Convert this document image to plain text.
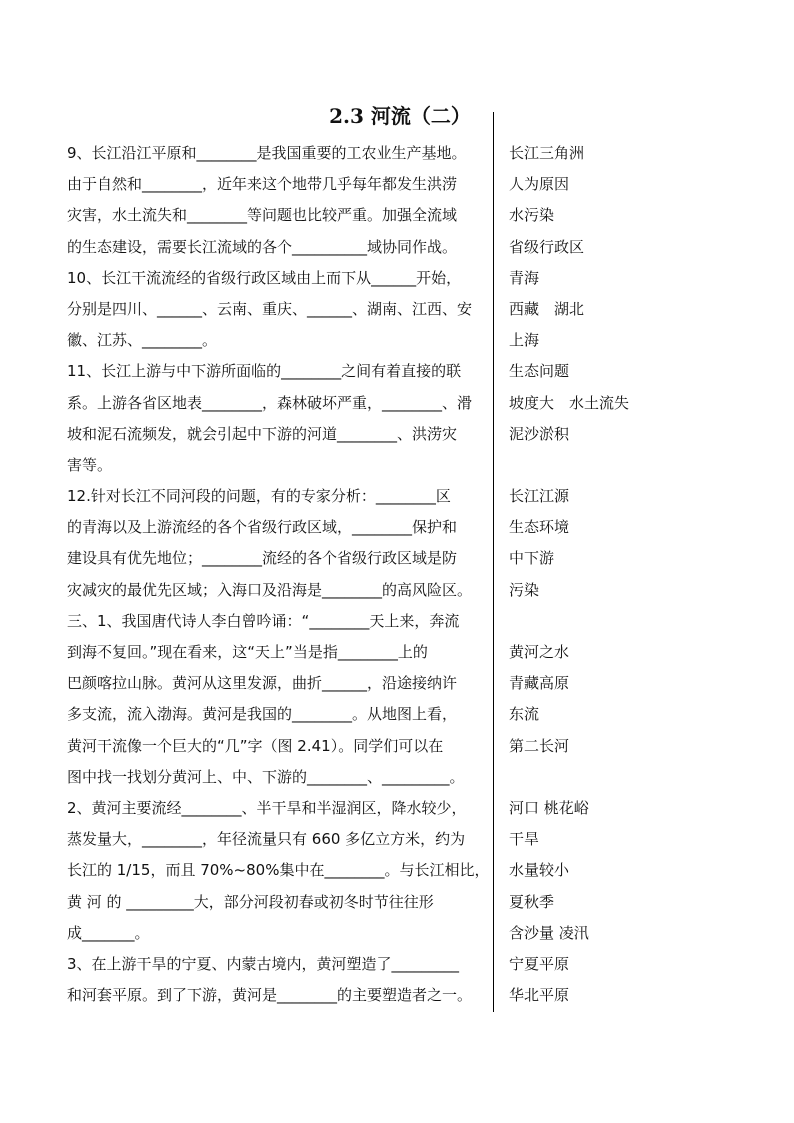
2.3 河流（二）
9、长江沿江平原和________是我国重要的工农业生产基地。	长江三角洲
由于自然和________，近年来这个地带几乎每年都发生洪涝	人为原因
灾害，水土流失和________等问题也比较严重。加强全流域	水污染
的生态建设，需要长江流域的各个__________域协同作战。	省级行政区
10、长江干流流经的省级行政区域由上而下从______开始，	青海
分别是四川、______、云南、重庆、______、湖南、江西、安	西藏　湖北
徽、江苏、________。	上海
11、长江上游与中下游所面临的________之间有着直接的联	生态问题
系。上游各省区地表________，森林破坏严重，________、滑	坡度大　水土流失
坡和泥石流频发，就会引起中下游的河道________、洪涝灾	泥沙淤积
害等。
12.针对长江不同河段的问题，有的专家分析：________区	长江江源
的青海以及上游流经的各个省级行政区域，________保护和	生态环境
建设具有优先地位；________流经的各个省级行政区域是防	中下游
灾减灾的最优先区域；入海口及沿海是________的高风险区。	污染
三、1、我国唐代诗人李白曾吟诵：“________天上来，奔流
到海不复回。”现在看来，这“天上”当是指________上的	黄河之水
巴颜喀拉山脉。黄河从这里发源，曲折______，沿途接纳许	青藏高原
多支流，流入渤海。黄河是我国的________。从地图上看，	东流
黄河干流像一个巨大的“几”字（图 2.41）。同学们可以在	第二长河
图中找一找划分黄河上、中、下游的________、_________。
2、黄河主要流经________、半干旱和半湿润区，降水较少，	河口 桃花峪
蒸发量大，________，年径流量只有 660 多亿立方米，约为	干旱
长江的 1/15，而且 70%~80%集中在________。与长江相比，	水量较小
黄 河 的 _________大，部分河段初春或初冬时节往往形	夏秋季
成_______。	含沙量 凌汛
3、在上游干旱的宁夏、内蒙古境内，黄河塑造了_________	宁夏平原
和河套平原。到了下游，黄河是________的主要塑造者之一。	华北平原
